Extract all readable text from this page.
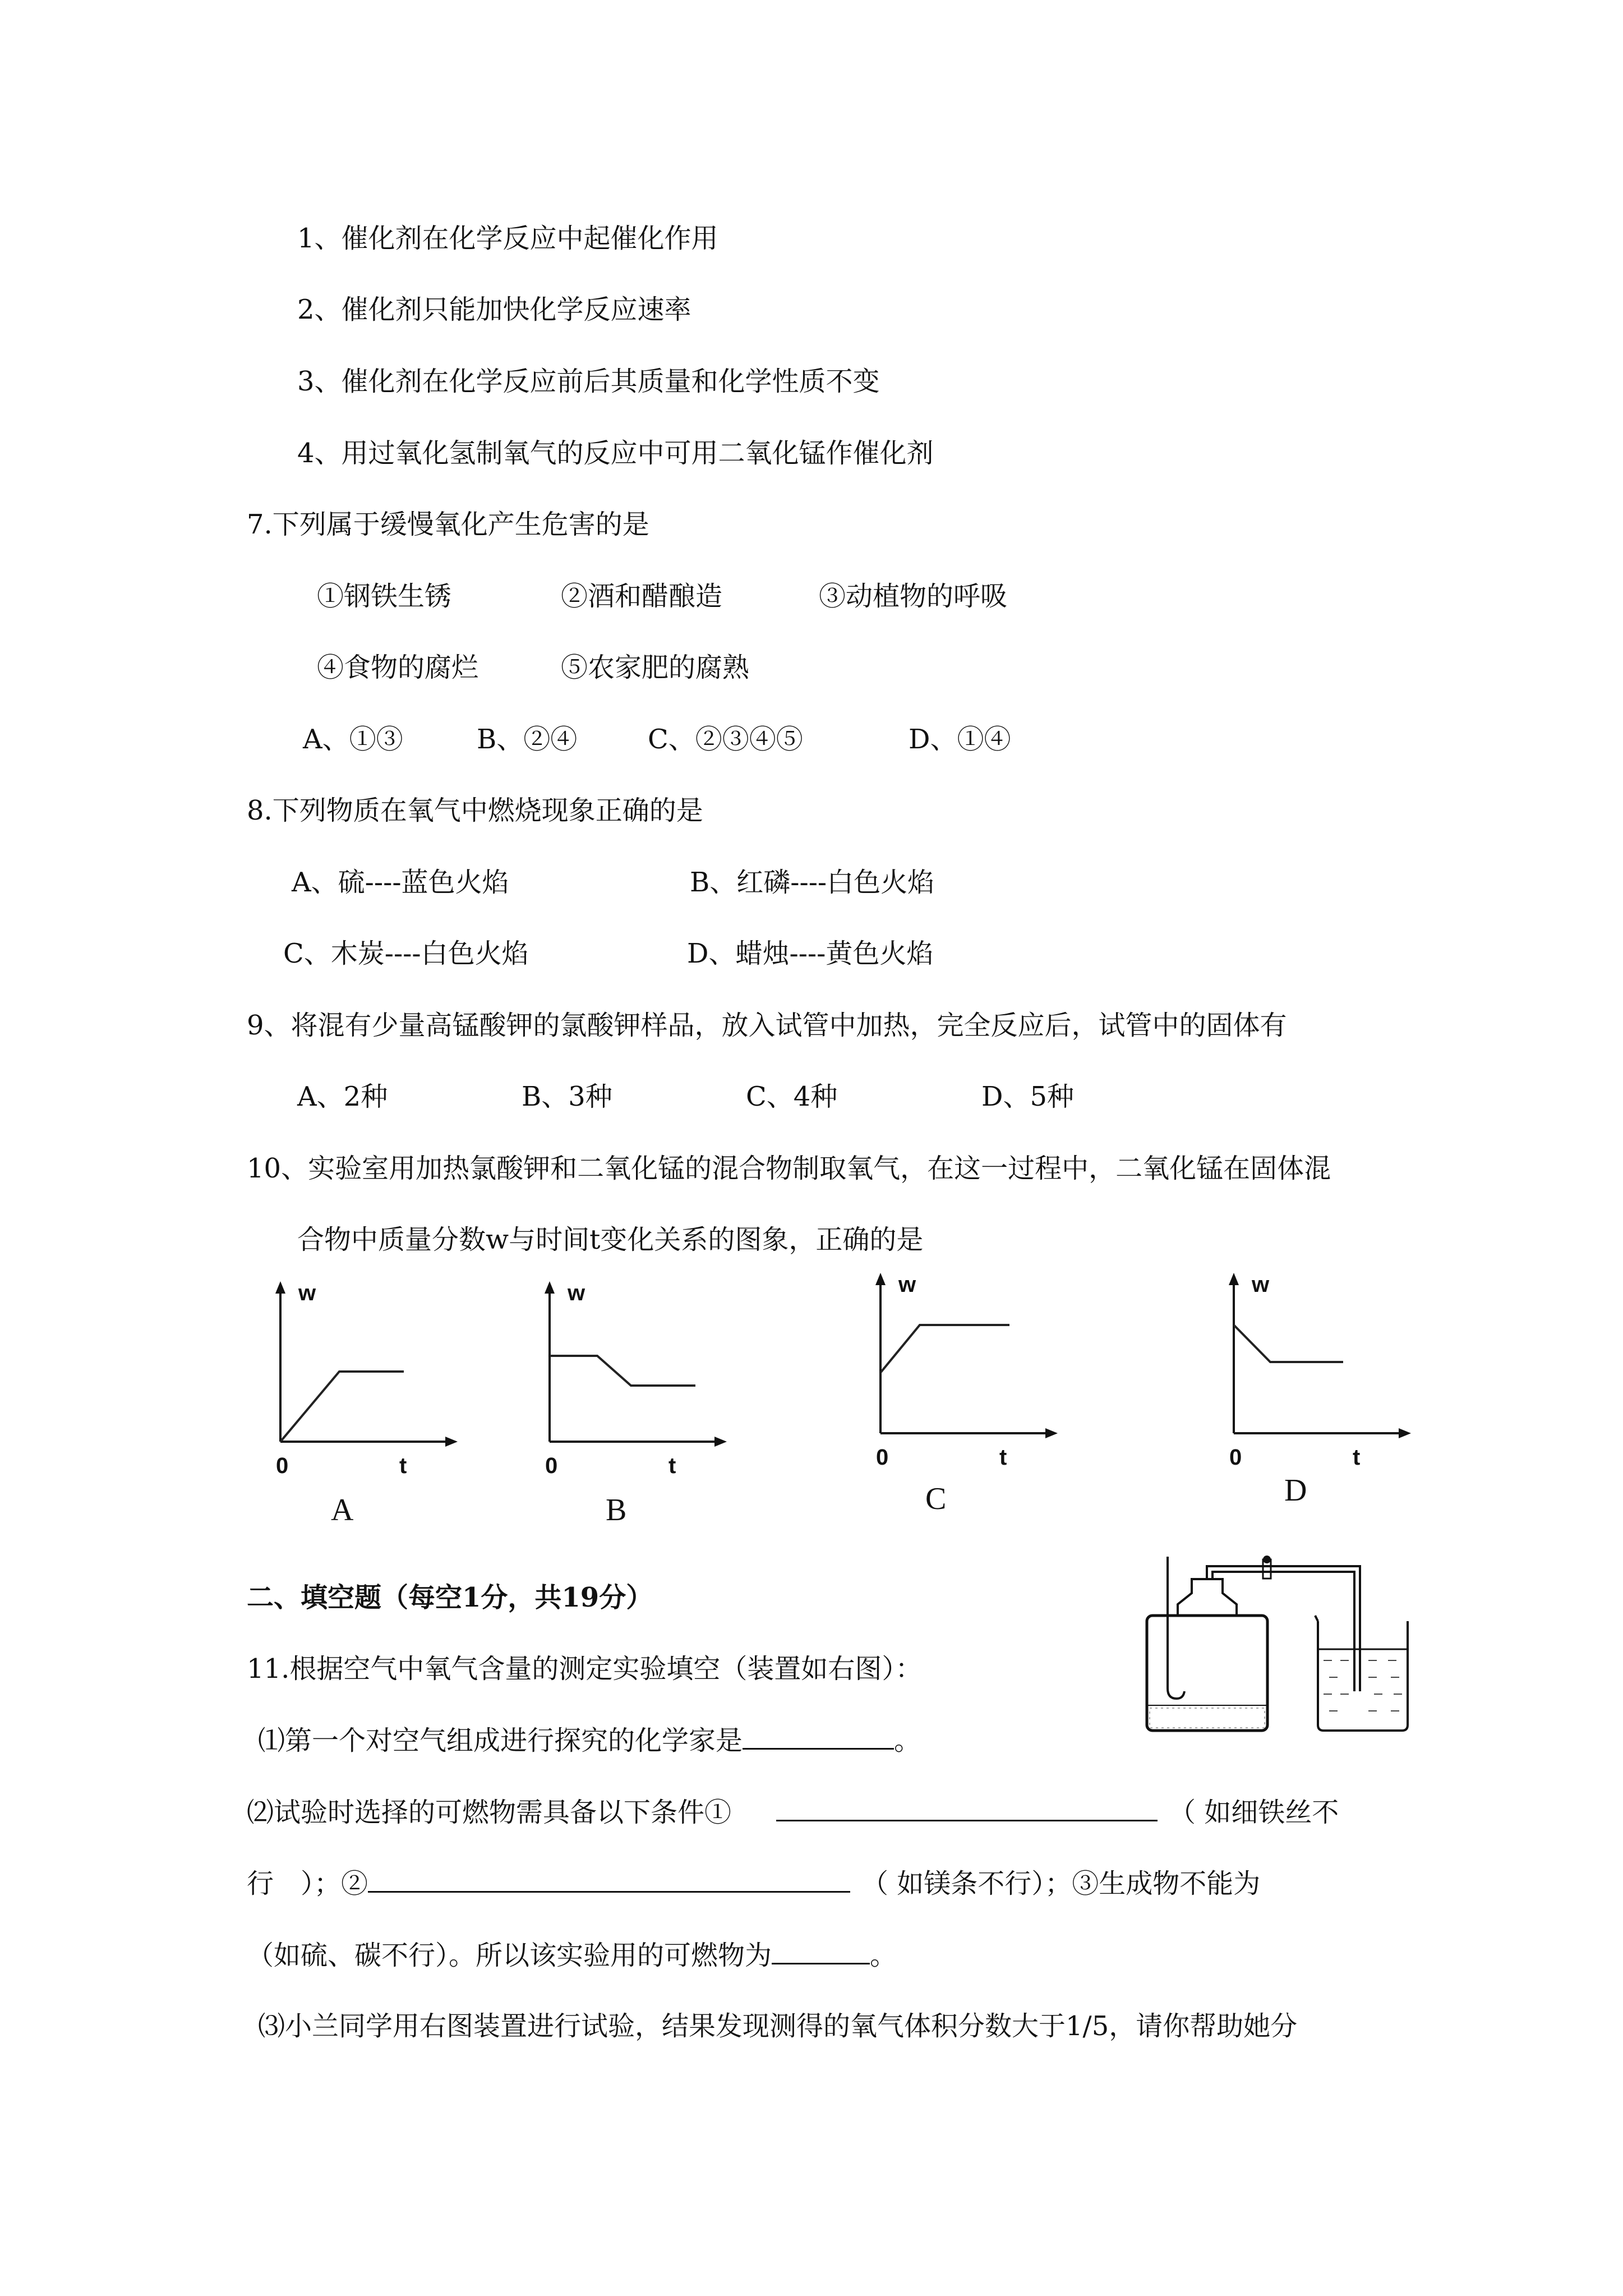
1、催化剂在化学反应中起催化作用
2、催化剂只能加快化学反应速率
3、催化剂在化学反应前后其质量和化学性质不变
4、用过氧化氢制氧气的反应中可用二氧化锰作催化剂
7.下列属于缓慢氧化产生危害的是
①钢铁生锈	②酒和醋酿造	③动植物的呼吸
④食物的腐烂	⑤农家肥的腐熟
A、①③	B、②④	C、②③④⑤	D、①④
8.下列物质在氧气中燃烧现象正确的是
A、硫----蓝色火焰	B、红磷----白色火焰
C、木炭----白色火焰	D、蜡烛----黄色火焰
9、将混有少量高锰酸钾的氯酸钾样品，放入试管中加热，完全反应后，试管中的固体有
A、2种	B、3种	C、4种	D、5种
10、实验室用加热氯酸钾和二氧化锰的混合物制取氧气，在这一过程中，二氧化锰在固体混
合物中质量分数w与时间t变化关系的图象，正确的是
w
0	t
A
w
0	t
B
w
0	t
C
w
0	t
D
二、填空题（每空1分，共19分）
11.根据空气中氧气含量的测定实验填空（装置如右图）：
⑴第一个对空气组成进行探究的化学家是	。
⑵试验时选择的可燃物需具备以下条件①	（ 如细铁丝不
行　）；②	（ 如镁条不行）；③生成物不能为
（如硫、碳不行）。所以该实验用的可燃物为	。
⑶小兰同学用右图装置进行试验，结果发现测得的氧气体积分数大于1/5，请你帮助她分
